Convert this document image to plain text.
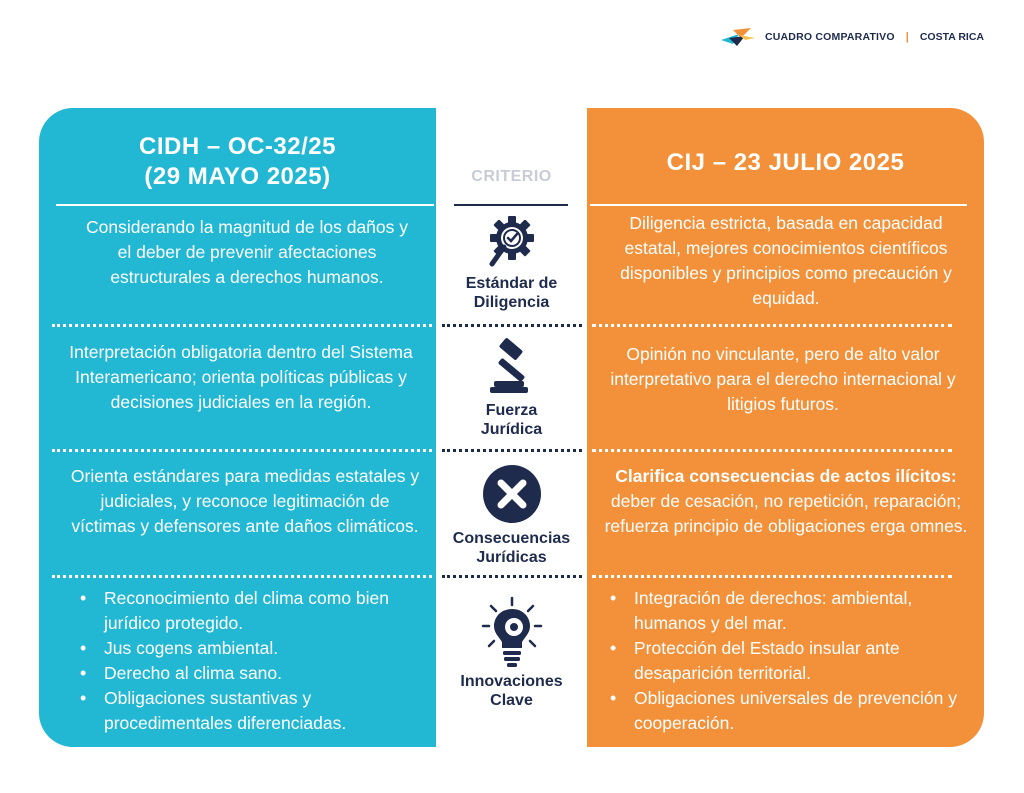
CUADRO COMPARATIVO | COSTA RICA
CIDH – OC-32/25
(29 MAYO 2025)
CIJ – 23 JULIO 2025
CRITERIO
Considerando la magnitud de los daños y el deber de prevenir afectaciones estructurales a derechos humanos.	Estándar de
Diligencia
Diligencia estricta, basada en capacidad estatal, mejores conocimientos científicos disponibles y principios como precaución y equidad.
Interpretación obligatoria dentro del Sistema Interamericano; orienta políticas públicas y decisiones judiciales en la región.	Fuerza
Jurídica
Opinión no vinculante, pero de alto valor interpretativo para el derecho internacional y litigios futuros.
Orienta estándares para medidas estatales y judiciales, y reconoce legitimación de víctimas y defensores ante daños climáticos.
Consecuencias
Jurídicas
Clarifica consecuencias de actos ilícitos: deber de cesación, no repetición, reparación; refuerza principio de obligaciones erga omnes.
• Reconocimiento del clima como bien jurídico protegido.
• Jus cogens ambiental.
• Derecho al clima sano.
• Obligaciones sustantivas y procedimentales diferenciadas.
Innovaciones
Clave
• Integración de derechos: ambiental, humanos y del mar.
• Protección del Estado insular ante desaparición territorial.
• Obligaciones universales de prevención y cooperación.
